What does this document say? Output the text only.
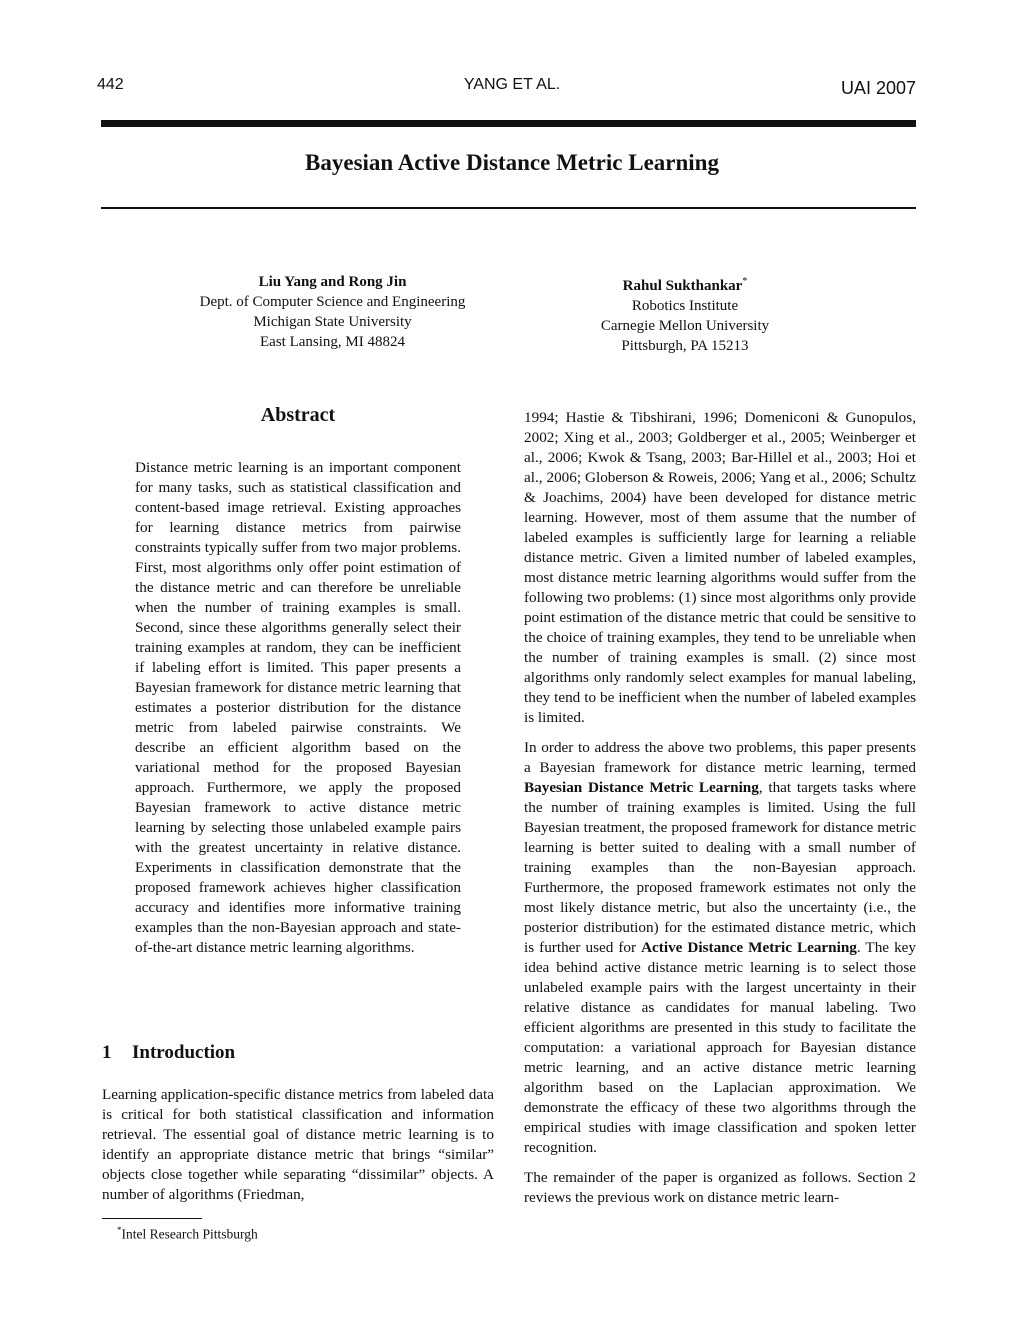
442	YANG ET AL.	UAI 2007
Bayesian Active Distance Metric Learning
Liu Yang and Rong Jin
Dept. of Computer Science and Engineering
Michigan State University
East Lansing, MI 48824
Rahul Sukthankar*
Robotics Institute
Carnegie Mellon University
Pittsburgh, PA 15213
Abstract

Distance metric learning is an important component for many tasks, such as statistical classification and content-based image retrieval. Existing approaches for learning distance metrics from pairwise constraints typically suffer from two major problems. First, most algorithms only offer point estimation of the distance metric and can therefore be unreliable when the number of training examples is small. Second, since these algorithms generally select their training examples at random, they can be inefficient if labeling effort is limited. This paper presents a Bayesian framework for distance metric learning that estimates a posterior distribution for the distance metric from labeled pairwise constraints. We describe an efficient algorithm based on the variational method for the proposed Bayesian approach. Furthermore, we apply the proposed Bayesian framework to active distance metric learning by selecting those unlabeled example pairs with the greatest uncertainty in relative distance. Experiments in classification demonstrate that the proposed framework achieves higher classification accuracy and identifies more informative training examples than the non-Bayesian approach and state-of-the-art distance metric learning algorithms.

1 Introduction

Learning application-specific distance metrics from labeled data is critical for both statistical classification and information retrieval. The essential goal of distance metric learning is to identify an appropriate distance metric that brings “similar” objects close together while separating “dissimilar” objects. A number of algorithms (Friedman,

*Intel Research Pittsburgh

1994; Hastie & Tibshirani, 1996; Domeniconi & Gunopulos, 2002; Xing et al., 2003; Goldberger et al., 2005; Weinberger et al., 2006; Kwok & Tsang, 2003; Bar-Hillel et al., 2003; Hoi et al., 2006; Globerson & Roweis, 2006; Yang et al., 2006; Schultz & Joachims, 2004) have been developed for distance metric learning. However, most of them assume that the number of labeled examples is sufficiently large for learning a reliable distance metric. Given a limited number of labeled examples, most distance metric learning algorithms would suffer from the following two problems: (1) since most algorithms only provide point estimation of the distance metric that could be sensitive to the choice of training examples, they tend to be unreliable when the number of training examples is small. (2) since most algorithms only randomly select examples for manual labeling, they tend to be inefficient when the number of labeled examples is limited.

In order to address the above two problems, this paper presents a Bayesian framework for distance metric learning, termed Bayesian Distance Metric Learning, that targets tasks where the number of training examples is limited. Using the full Bayesian treatment, the proposed framework for distance metric learning is better suited to dealing with a small number of training examples than the non-Bayesian approach. Furthermore, the proposed framework estimates not only the most likely distance metric, but also the uncertainty (i.e., the posterior distribution) for the estimated distance metric, which is further used for Active Distance Metric Learning. The key idea behind active distance metric learning is to select those unlabeled example pairs with the largest uncertainty in their relative distance as candidates for manual labeling. Two efficient algorithms are presented in this study to facilitate the computation: a variational approach for Bayesian distance metric learning, and an active distance metric learning algorithm based on the Laplacian approximation. We demonstrate the efficacy of these two algorithms through the empirical studies with image classification and spoken letter recognition.

The remainder of the paper is organized as follows. Section 2 reviews the previous work on distance metric learn-
